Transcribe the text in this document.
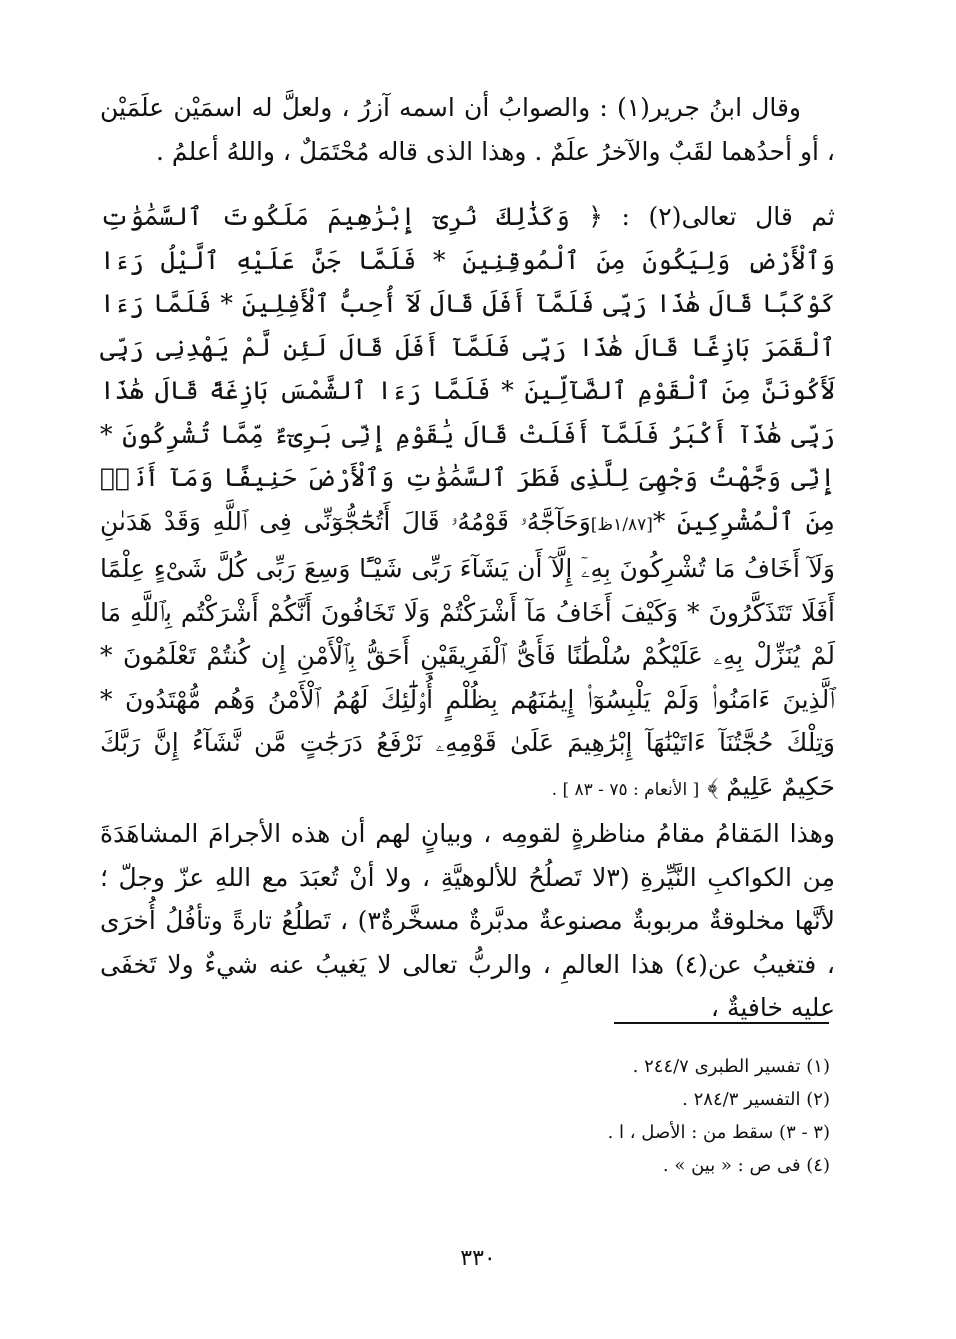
وقال ابنُ جرير(١) : والصوابُ أن اسمه آزرُ ، ولعلَّ له اسمَيْن علَمَيْن ، أو أحدُهما لقَبٌ والآخرُ علَمٌ . وهذا الذى قاله مُحْتَمَلٌ ، واللهُ أعلمُ .

ثم قال تعالى(٢) : ﴿ وَكَذَٰلِكَ نُرِىٓ إِبْرَٰهِيمَ مَلَكُوتَ ٱلسَّمَٰوَٰتِ وَٱلْأَرْضِ وَلِيَكُونَ مِنَ ٱلْمُوقِنِينَ * فَلَمَّا جَنَّ عَلَيْهِ ٱلَّيْلُ رَءَا كَوْكَبًا قَالَ هَٰذَا رَبِّى فَلَمَّآ أَفَلَ قَالَ لَآ أُحِبُّ ٱلْأَفِلِينَ * فَلَمَّا رَءَا ٱلْقَمَرَ بَازِغًا قَالَ هَٰذَا رَبِّى فَلَمَّآ أَفَلَ قَالَ لَئِن لَّمْ يَهْدِنِى رَبِّى لَأَكُونَنَّ مِنَ ٱلْقَوْمِ ٱلضَّآلِّينَ * فَلَمَّا رَءَا ٱلشَّمْسَ بَازِغَةً قَالَ هَٰذَا رَبِّى هَٰذَآ أَكْبَرُ فَلَمَّآ أَفَلَتْ قَالَ يَٰقَوْمِ إِنِّى بَرِىٓءٌ مِّمَّا تُشْرِكُونَ * إِنِّى وَجَّهْتُ وَجْهِىَ لِلَّذِى فَطَرَ ٱلسَّمَٰوَٰتِ وَٱلْأَرْضَ حَنِيفًا وَمَآ أَنَا۠ مِنَ ٱلْمُشْرِكِينَ *[١/٨٧ظ]وَحَآجَّهُۥ قَوْمُهُۥ قَالَ أَتُحَٰٓجُّوٓنِّى فِى ٱللَّهِ وَقَدْ هَدَىٰنِ وَلَآ أَخَافُ مَا تُشْرِكُونَ بِهِۦٓ إِلَّآ أَن يَشَآءَ رَبِّى شَيْـًٔا وَسِعَ رَبِّى كُلَّ شَىْءٍ عِلْمًا أَفَلَا تَتَذَكَّرُونَ * وَكَيْفَ أَخَافُ مَآ أَشْرَكْتُمْ وَلَا تَخَافُونَ أَنَّكُمْ أَشْرَكْتُم بِٱللَّهِ مَا لَمْ يُنَزِّلْ بِهِۦ عَلَيْكُمْ سُلْطَٰنًا فَأَىُّ ٱلْفَرِيقَيْنِ أَحَقُّ بِٱلْأَمْنِ إِن كُنتُمْ تَعْلَمُونَ * ٱلَّذِينَ ءَامَنُوا۟ وَلَمْ يَلْبِسُوٓا۟ إِيمَٰنَهُم بِظُلْمٍ أُو۟لَٰٓئِكَ لَهُمُ ٱلْأَمْنُ وَهُم مُّهْتَدُونَ * وَتِلْكَ حُجَّتُنَآ ءَاتَيْنَٰهَآ إِبْرَٰهِيمَ عَلَىٰ قَوْمِهِۦ نَرْفَعُ دَرَجَٰتٍ مَّن نَّشَآءُ إِنَّ رَبَّكَ حَكِيمٌ عَلِيمٌ ﴾ [ الأنعام : ٧٥ - ٨٣ ] .

وهذا المَقامُ مقامُ مناظرةٍ لقومِه ، وبيانٍ لهم أن هذه الأجرامَ المشاهَدَةَ مِن الكواكبِ النَّيِّرةِ (٣لا تَصلُحُ للألوهيَّةِ ، ولا أنْ تُعبَدَ مع اللهِ عزّ وجلّ ؛ لأنَّها مخلوقةٌ مربوبةٌ مصنوعةٌ مدبَّرةٌ مسخَّرةٌ٣) ، تَطلُعُ تارةً وتأفُلُ أُخرَى ، فتغيبُ عن(٤) هذا العالمِ ، والربُّ تعالى لا يَغيبُ عنه شيءٌ ولا تَخفَى عليه خافيةٌ ،

(١) تفسير الطبرى ٢٤٤/٧ .

(٢) التفسير ٢٨٤/٣ .

(٣ - ٣) سقط من : الأصل ، ا .

(٤) فى ص : « بين » .

٣٣٠
